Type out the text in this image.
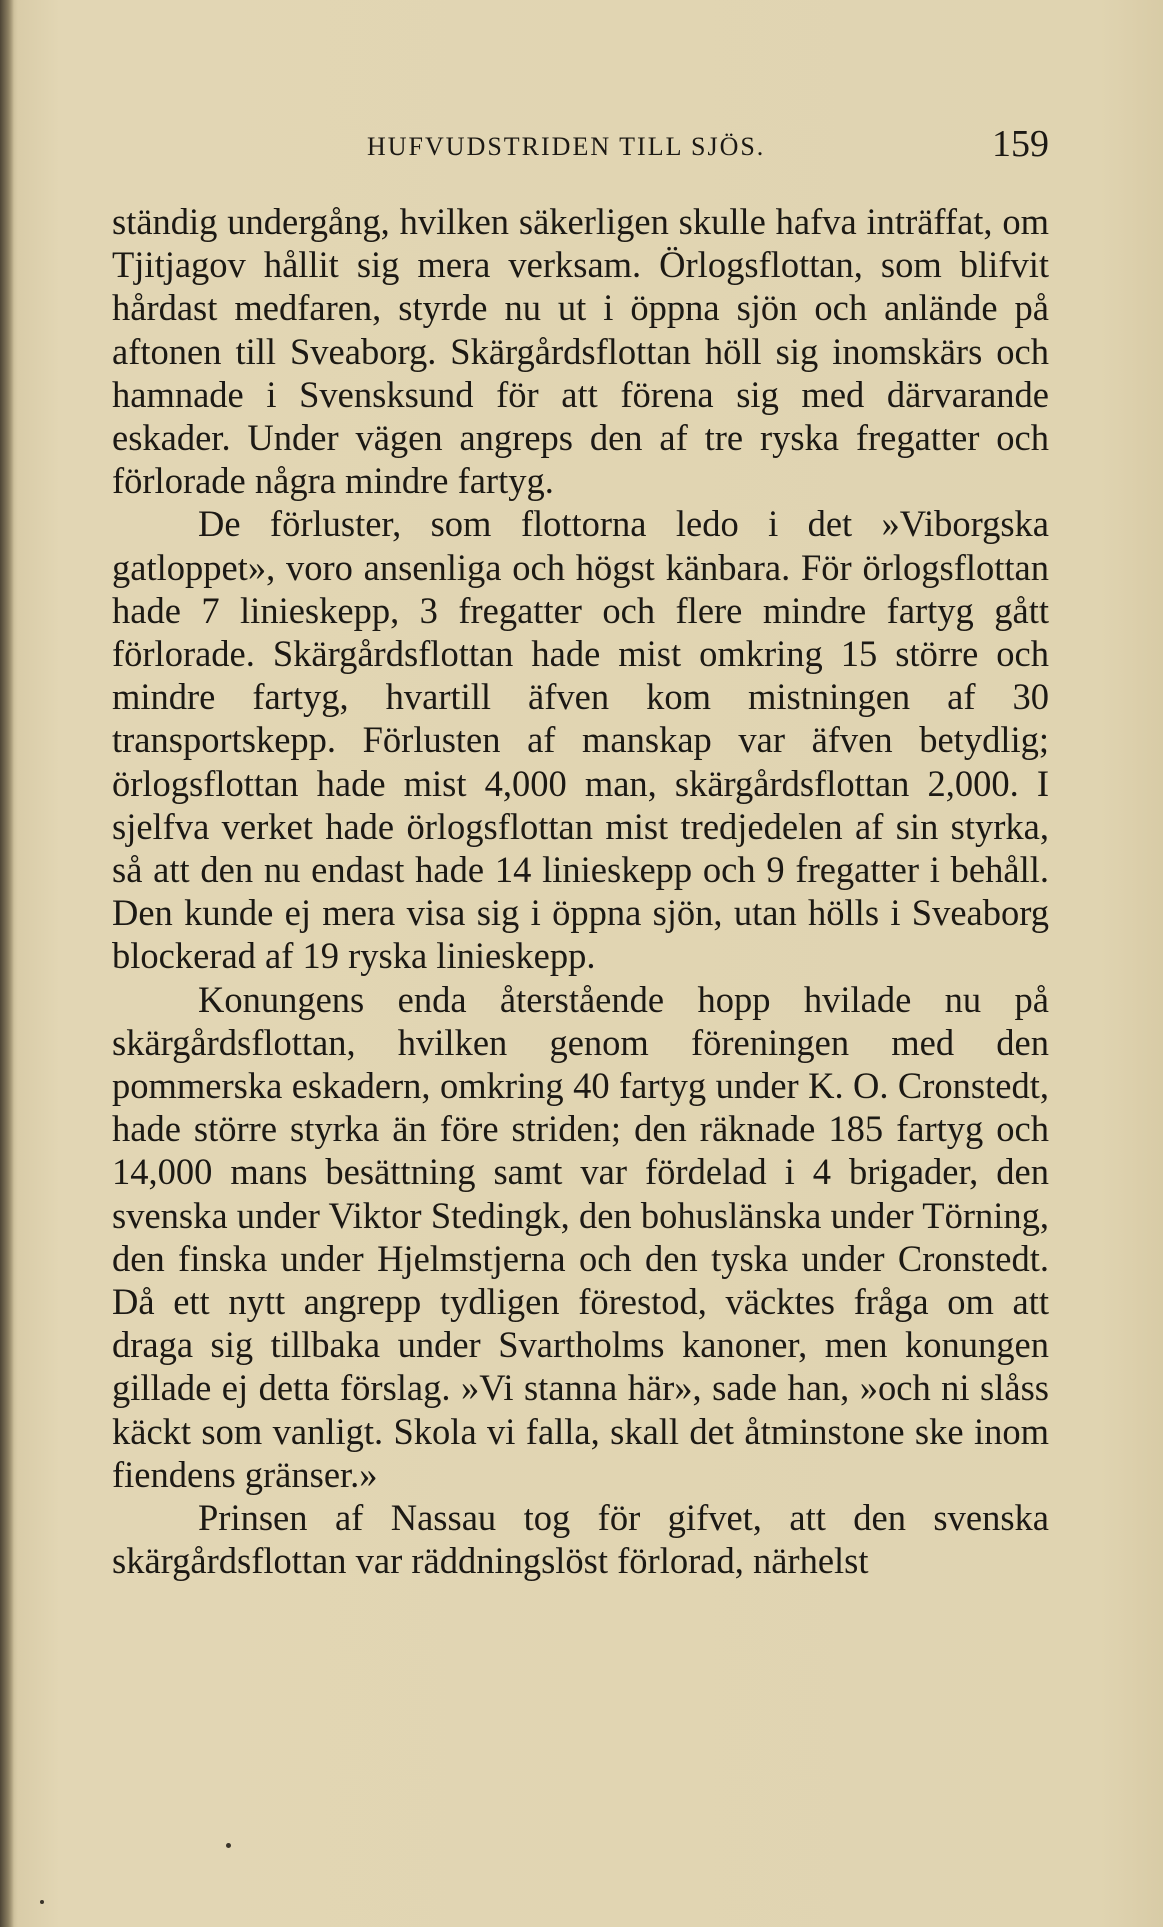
HUFVUDSTRIDEN TILL SJÖS.	159

ständig undergång, hvilken säkerligen skulle hafva inträffat, om Tjitjagov hållit sig mera verksam. Örlogsflottan, som blifvit hårdast medfaren, styrde nu ut i öppna sjön och anlände på aftonen till Sveaborg. Skärgårdsflottan höll sig inomskärs och hamnade i Svensksund för att förena sig med därvarande eskader. Under vägen angreps den af tre ryska fregatter och förlorade några mindre fartyg.

De förluster, som flottorna ledo i det »Viborgska gatloppet», voro ansenliga och högst känbara. För örlogsflottan hade 7 linieskepp, 3 fregatter och flere mindre fartyg gått förlorade. Skärgårdsflottan hade mist omkring 15 större och mindre fartyg, hvartill äfven kom mistningen af 30 transportskepp. Förlusten af manskap var äfven betydlig; örlogsflottan hade mist 4,000 man, skärgårdsflottan 2,000. I sjelfva verket hade örlogsflottan mist tredjedelen af sin styrka, så att den nu endast hade 14 linieskepp och 9 fregatter i behåll. Den kunde ej mera visa sig i öppna sjön, utan hölls i Sveaborg blockerad af 19 ryska linieskepp.

Konungens enda återstående hopp hvilade nu på skärgårdsflottan, hvilken genom föreningen med den pommerska eskadern, omkring 40 fartyg under K. O. Cronstedt, hade större styrka än före striden; den räknade 185 fartyg och 14,000 mans besättning samt var fördelad i 4 brigader, den svenska under Viktor Stedingk, den bohuslänska under Törning, den finska under Hjelmstjerna och den tyska under Cronstedt. Då ett nytt angrepp tydligen förestod, väcktes fråga om att draga sig tillbaka under Svartholms kanoner, men konungen gillade ej detta förslag. »Vi stanna här», sade han, »och ni slåss käckt som vanligt. Skola vi falla, skall det åtminstone ske inom fiendens gränser.»

Prinsen af Nassau tog för gifvet, att den svenska skärgårdsflottan var räddningslöst förlorad, närhelst
